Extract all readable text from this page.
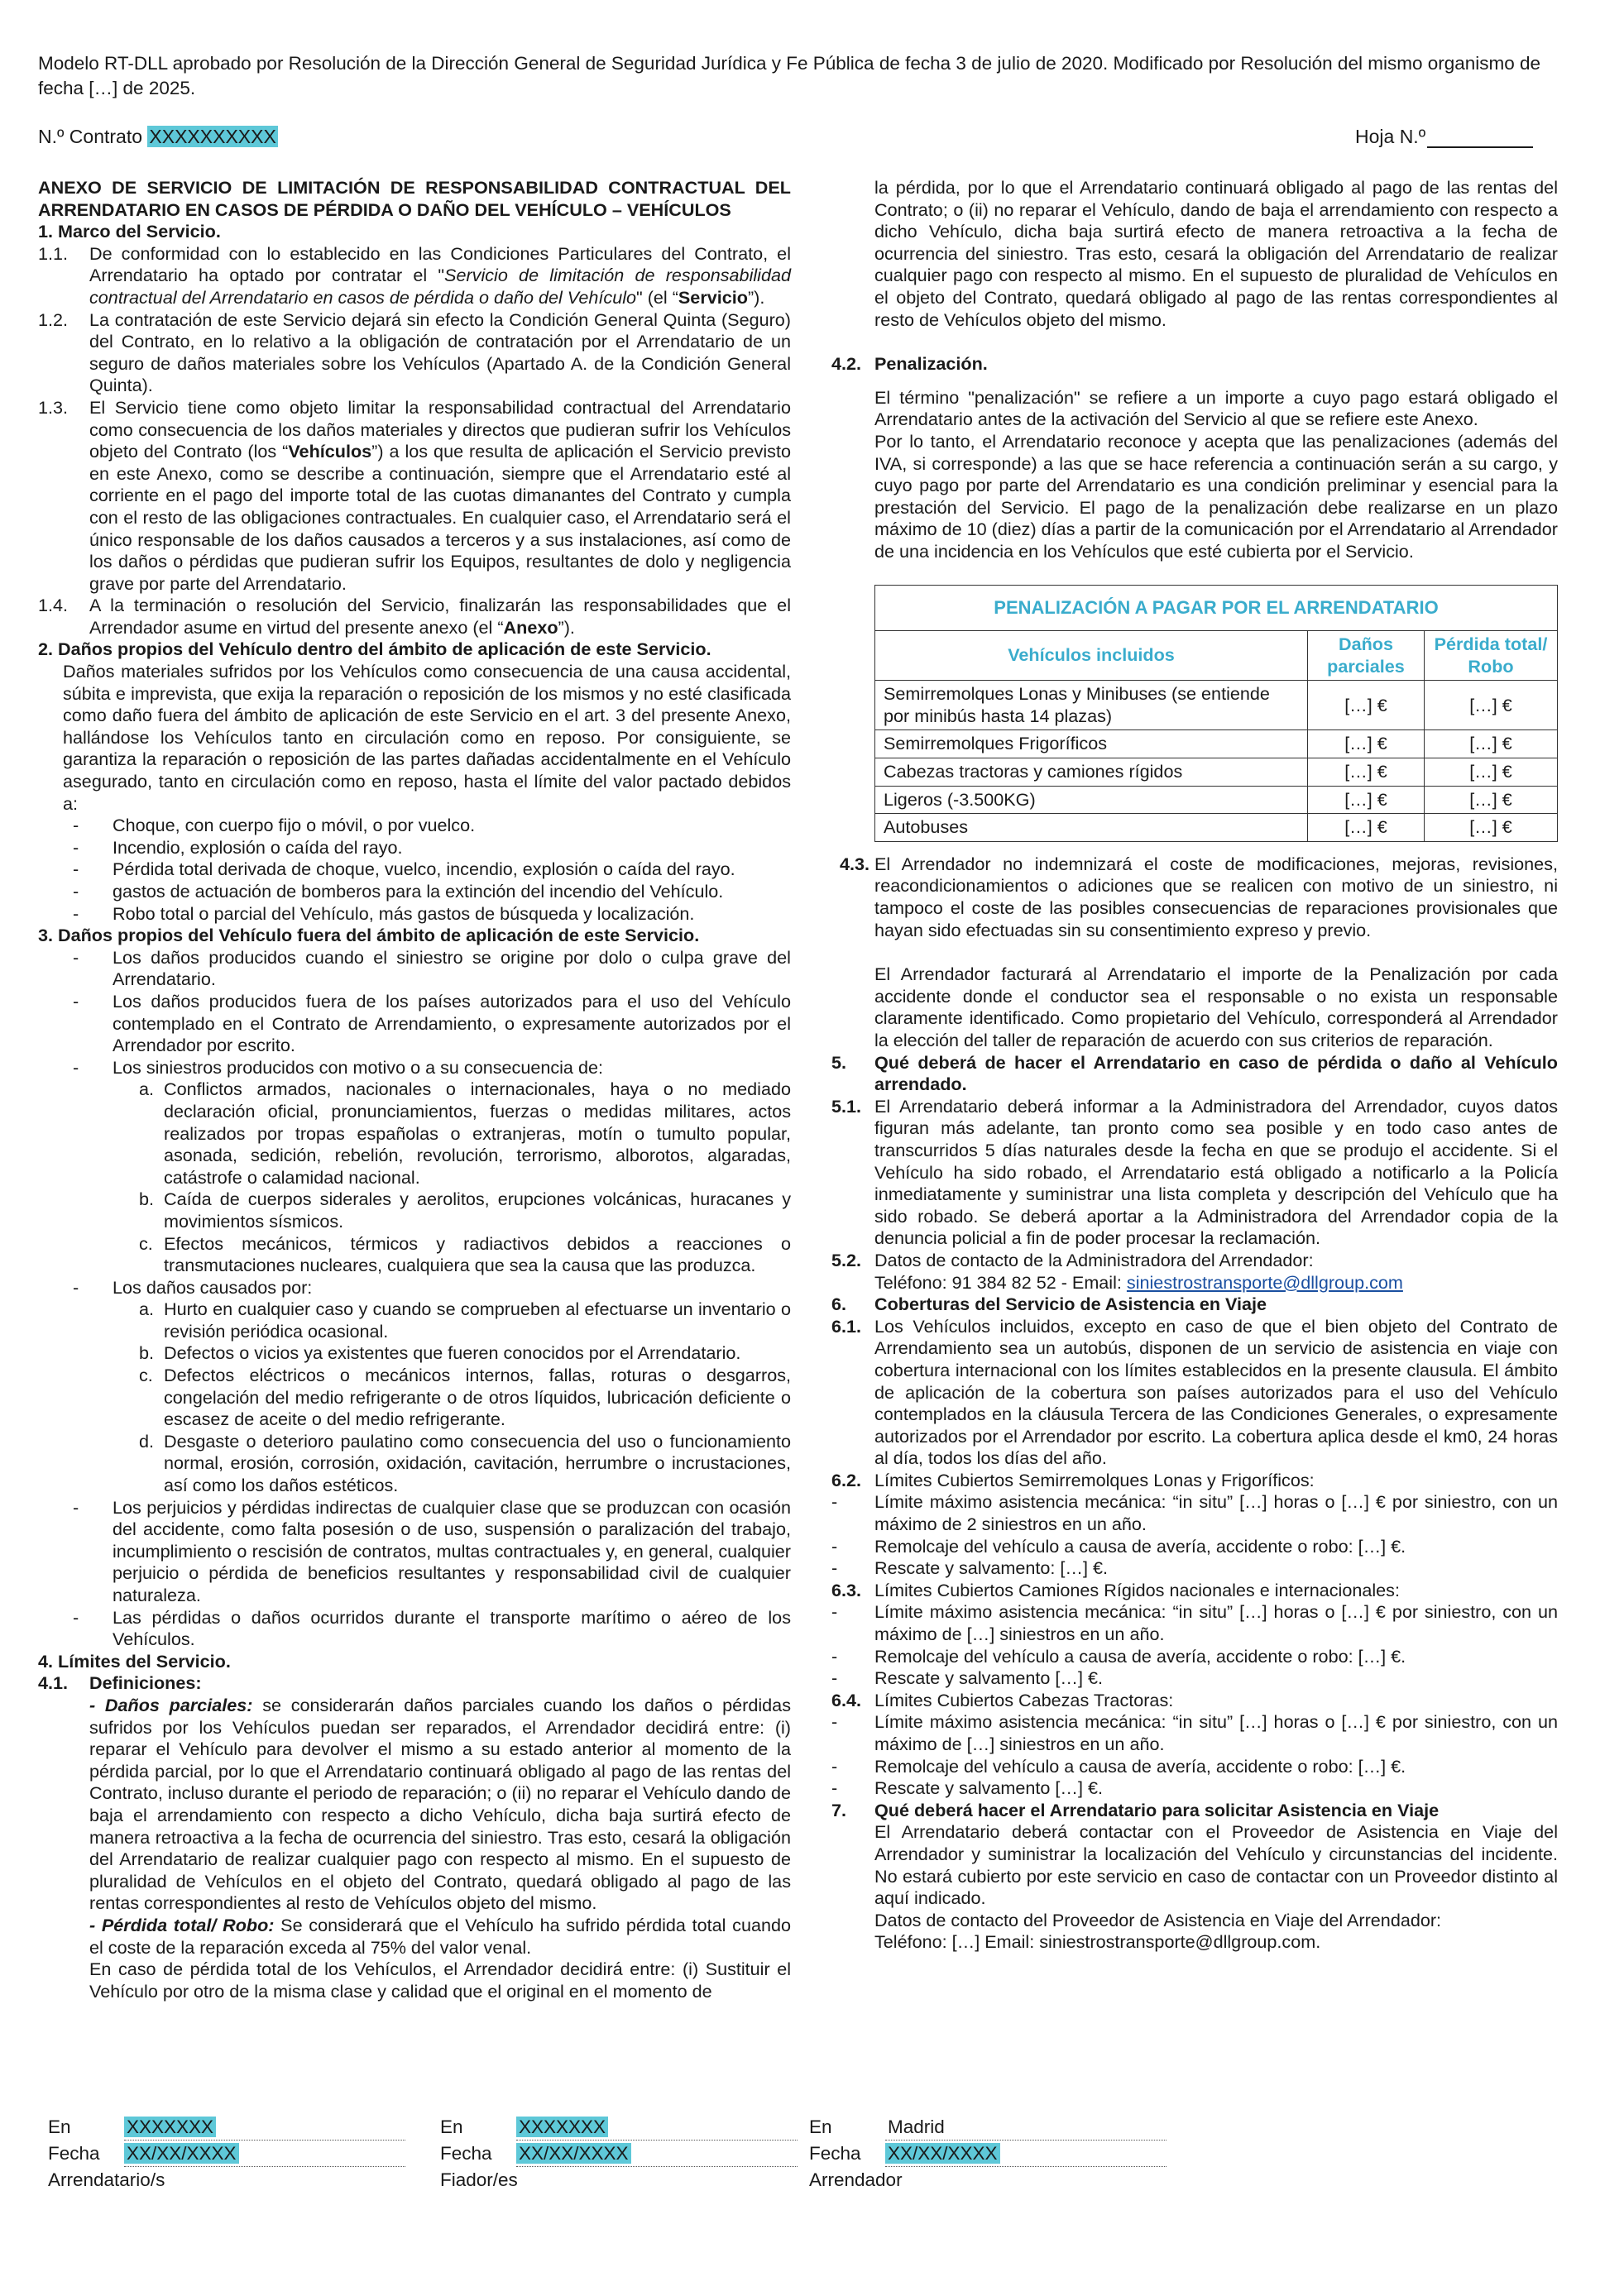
Modelo RT-DLL aprobado por Resolución de la Dirección General de Seguridad Jurídica y Fe Pública de fecha 3 de julio de 2020. Modificado por Resolución del mismo organismo de fecha […] de 2025.
N.º Contrato XXXXXXXXXX	Hoja N.º

ANEXO DE SERVICIO DE LIMITACIÓN DE RESPONSABILIDAD CONTRACTUAL DEL ARRENDATARIO EN CASOS DE PÉRDIDA O DAÑO DEL VEHÍCULO – VEHÍCULOS

1. Marco del Servicio.

1.1.	De conformidad con lo establecido en las Condiciones Particulares del Contrato, el Arrendatario ha optado por contratar el "Servicio de limitación de responsabilidad contractual del Arrendatario en casos de pérdida o daño del Vehículo" (el “Servicio”).
1.2.	La contratación de este Servicio dejará sin efecto la Condición General Quinta (Seguro) del Contrato, en lo relativo a la obligación de contratación por el Arrendatario de un seguro de daños materiales sobre los Vehículos (Apartado A. de la Condición General Quinta).
1.3.	El Servicio tiene como objeto limitar la responsabilidad contractual del Arrendatario como consecuencia de los daños materiales y directos que pudieran sufrir los Vehículos objeto del Contrato (los “Vehículos”) a los que resulta de aplicación el Servicio previsto en este Anexo, como se describe a continuación, siempre que el Arrendatario esté al corriente en el pago del importe total de las cuotas dimanantes del Contrato y cumpla con el resto de las obligaciones contractuales. En cualquier caso, el Arrendatario será el único responsable de los daños causados a terceros y a sus instalaciones, así como de los daños o pérdidas que pudieran sufrir los Equipos, resultantes de dolo y negligencia grave por parte del Arrendatario.
1.4.	A la terminación o resolución del Servicio, finalizarán las responsabilidades que el Arrendador asume en virtud del presente anexo (el “Anexo”).

2. Daños propios del Vehículo dentro del ámbito de aplicación de este Servicio.

Daños materiales sufridos por los Vehículos como consecuencia de una causa accidental, súbita e imprevista, que exija la reparación o reposición de los mismos y no esté clasificada como daño fuera del ámbito de aplicación de este Servicio en el art. 3 del presente Anexo, hallándose los Vehículos tanto en circulación como en reposo. Por consiguiente, se garantiza la reparación o reposición de las partes dañadas accidentalmente en el Vehículo asegurado, tanto en circulación como en reposo, hasta el límite del valor pactado debidos a:

-	Choque, con cuerpo fijo o móvil, o por vuelco.
-	Incendio, explosión o caída del rayo.
-	Pérdida total derivada de choque, vuelco, incendio, explosión o caída del rayo.
-	gastos de actuación de bomberos para la extinción del incendio del Vehículo.
-	Robo total o parcial del Vehículo, más gastos de búsqueda y localización.

3. Daños propios del Vehículo fuera del ámbito de aplicación de este Servicio.

-	Los daños producidos cuando el siniestro se origine por dolo o culpa grave del Arrendatario.
-	Los daños producidos fuera de los países autorizados para el uso del Vehículo contemplado en el Contrato de Arrendamiento, o expresamente autorizados por el Arrendador por escrito.
-	Los siniestros producidos con motivo o a su consecuencia de:
a. Conflictos armados, nacionales o internacionales, haya o no mediado declaración oficial, pronunciamientos, fuerzas o medidas militares, actos realizados por tropas españolas o extranjeras, motín o tumulto popular, asonada, sedición, rebelión, revolución, terrorismo, alborotos, algaradas, catástrofe o calamidad nacional.
b. Caída de cuerpos siderales y aerolitos, erupciones volcánicas, huracanes y movimientos sísmicos.
c. Efectos mecánicos, térmicos y radiactivos debidos a reacciones o transmutaciones nucleares, cualquiera que sea la causa que las produzca.
-	Los daños causados por:
a. Hurto en cualquier caso y cuando se comprueben al efectuarse un inventario o revisión periódica ocasional.
b. Defectos o vicios ya existentes que fueren conocidos por el Arrendatario.
c. Defectos eléctricos o mecánicos internos, fallas, roturas o desgarros, congelación del medio refrigerante o de otros líquidos, lubricación deficiente o escasez de aceite o del medio refrigerante.
d. Desgaste o deterioro paulatino como consecuencia del uso o funcionamiento normal, erosión, corrosión, oxidación, cavitación, herrumbre o incrustaciones, así como los daños estéticos.
-	Los perjuicios y pérdidas indirectas de cualquier clase que se produzcan con ocasión del accidente, como falta posesión o de uso, suspensión o paralización del trabajo, incumplimiento o rescisión de contratos, multas contractuales y, en general, cualquier perjuicio o pérdida de beneficios resultantes y responsabilidad civil de cualquier naturaleza.
-	Las pérdidas o daños ocurridos durante el transporte marítimo o aéreo de los Vehículos.

4. Límites del Servicio.

4.1.	Definiciones:

- Daños parciales: se considerarán daños parciales cuando los daños o pérdidas sufridos por los Vehículos puedan ser reparados, el Arrendador decidirá entre: (i) reparar el Vehículo para devolver el mismo a su estado anterior al momento de la pérdida parcial, por lo que el Arrendatario continuará obligado al pago de las rentas del Contrato, incluso durante el periodo de reparación; o (ii) no reparar el Vehículo dando de baja el arrendamiento con respecto a dicho Vehículo, dicha baja surtirá efecto de manera retroactiva a la fecha de ocurrencia del siniestro. Tras esto, cesará la obligación del Arrendatario de realizar cualquier pago con respecto al mismo. En el supuesto de pluralidad de Vehículos en el objeto del Contrato, quedará obligado al pago de las rentas correspondientes al resto de Vehículos objeto del mismo.

- Pérdida total/ Robo: Se considerará que el Vehículo ha sufrido pérdida total cuando el coste de la reparación exceda al 75% del valor venal.

En caso de pérdida total de los Vehículos, el Arrendador decidirá entre: (i) Sustituir el Vehículo por otro de la misma clase y calidad que el original en el momento de

la pérdida, por lo que el Arrendatario continuará obligado al pago de las rentas del Contrato; o (ii) no reparar el Vehículo, dando de baja el arrendamiento con respecto a dicho Vehículo, dicha baja surtirá efecto de manera retroactiva a la fecha de ocurrencia del siniestro. Tras esto, cesará la obligación del Arrendatario de realizar cualquier pago con respecto al mismo. En el supuesto de pluralidad de Vehículos en el objeto del Contrato, quedará obligado al pago de las rentas correspondientes al resto de Vehículos objeto del mismo.

4.2. Penalización.

El término "penalización" se refiere a un importe a cuyo pago estará obligado el Arrendatario antes de la activación del Servicio al que se refiere este Anexo.

Por lo tanto, el Arrendatario reconoce y acepta que las penalizaciones (además del IVA, si corresponde) a las que se hace referencia a continuación serán a su cargo, y cuyo pago por parte del Arrendatario es una condición preliminar y esencial para la prestación del Servicio. El pago de la penalización debe realizarse en un plazo máximo de 10 (diez) días a partir de la comunicación por el Arrendatario al Arrendador de una incidencia en los Vehículos que esté cubierta por el Servicio.

PENALIZACIÓN A PAGAR POR EL ARRENDATARIO		
Vehículos incluidos	Daños parciales	Pérdida total/ Robo
Semirremolques Lonas y Minibuses (se entiende por minibús hasta 14 plazas)	[…] €	[…] €
Semirremolques Frigoríficos	[…] €	[…] €
Cabezas tractoras y camiones rígidos	[…] €	[…] €
Ligeros (-3.500KG)	[…] €	[…] €
Autobuses	[…] €	[…] €
4.3. El Arrendador no indemnizará el coste de modificaciones, mejoras, revisiones, reacondicionamientos o adiciones que se realicen con motivo de un siniestro, ni tampoco el coste de las posibles consecuencias de reparaciones provisionales que hayan sido efectuadas sin su consentimiento expreso y previo.

El Arrendador facturará al Arrendatario el importe de la Penalización por cada accidente donde el conductor sea el responsable o no exista un responsable claramente identificado. Como propietario del Vehículo, corresponderá al Arrendador la elección del taller de reparación de acuerdo con sus criterios de reparación.

5.	Qué deberá de hacer el Arrendatario en caso de pérdida o daño al Vehículo arrendado.
5.1. El Arrendatario deberá informar a la Administradora del Arrendador, cuyos datos figuran más adelante, tan pronto como sea posible y en todo caso antes de transcurridos 5 días naturales desde la fecha en que se produjo el accidente. Si el Vehículo ha sido robado, el Arrendatario está obligado a notificarlo a la Policía inmediatamente y suministrar una lista completa y descripción del Vehículo que ha sido robado. Se deberá aportar a la Administradora del Arrendador copia de la denuncia policial a fin de poder procesar la reclamación.
5.2. Datos de contacto de la Administradora del Arrendador:

Teléfono: 91 384 82 52 - Email: siniestrostransporte@dllgroup.com

6.	Coberturas del Servicio de Asistencia en Viaje
6.1. Los Vehículos incluidos, excepto en caso de que el bien objeto del Contrato de Arrendamiento sea un autobús, disponen de un servicio de asistencia en viaje con cobertura internacional con los límites establecidos en la presente clausula. El ámbito de aplicación de la cobertura son países autorizados para el uso del Vehículo contemplados en la cláusula Tercera de las Condiciones Generales, o expresamente autorizados por el Arrendador por escrito. La cobertura aplica desde el km0, 24 horas al día, todos los días del año.
6.2. Límites Cubiertos Semirremolques Lonas y Frigoríficos:
-	Límite máximo asistencia mecánica: “in situ” […] horas o […] € por siniestro, con un máximo de 2 siniestros en un año.
-	Remolcaje del vehículo a causa de avería, accidente o robo: […] €.
-	Rescate y salvamento: […] €.
6.3. Límites Cubiertos Camiones Rígidos nacionales e internacionales:
-	Límite máximo asistencia mecánica: “in situ” […] horas o […] € por siniestro, con un máximo de […] siniestros en un año.
-	Remolcaje del vehículo a causa de avería, accidente o robo: […] €.
-	Rescate y salvamento […] €.
6.4. Límites Cubiertos Cabezas Tractoras:
-	Límite máximo asistencia mecánica: “in situ” […] horas o […] € por siniestro, con un máximo de […] siniestros en un año.
-	Remolcaje del vehículo a causa de avería, accidente o robo: […] €.
-	Rescate y salvamento […] €.
7.	Qué deberá hacer el Arrendatario para solicitar Asistencia en Viaje

El Arrendatario deberá contactar con el Proveedor de Asistencia en Viaje del Arrendador y suministrar la localización del Vehículo y circunstancias del incidente. No estará cubierto por este servicio en caso de contactar con un Proveedor distinto al aquí indicado.

Datos de contacto del Proveedor de Asistencia en Viaje del Arrendador:

Teléfono: […] Email: siniestrostransporte@dllgroup.com.

En	XXXXXXX
Fecha XX/XX/XXXX
Arrendatario/s
En	XXXXXXX
Fecha XX/XX/XXXX
Fiador/es
En	Madrid
Fecha XX/XX/XXXX
Arrendador
